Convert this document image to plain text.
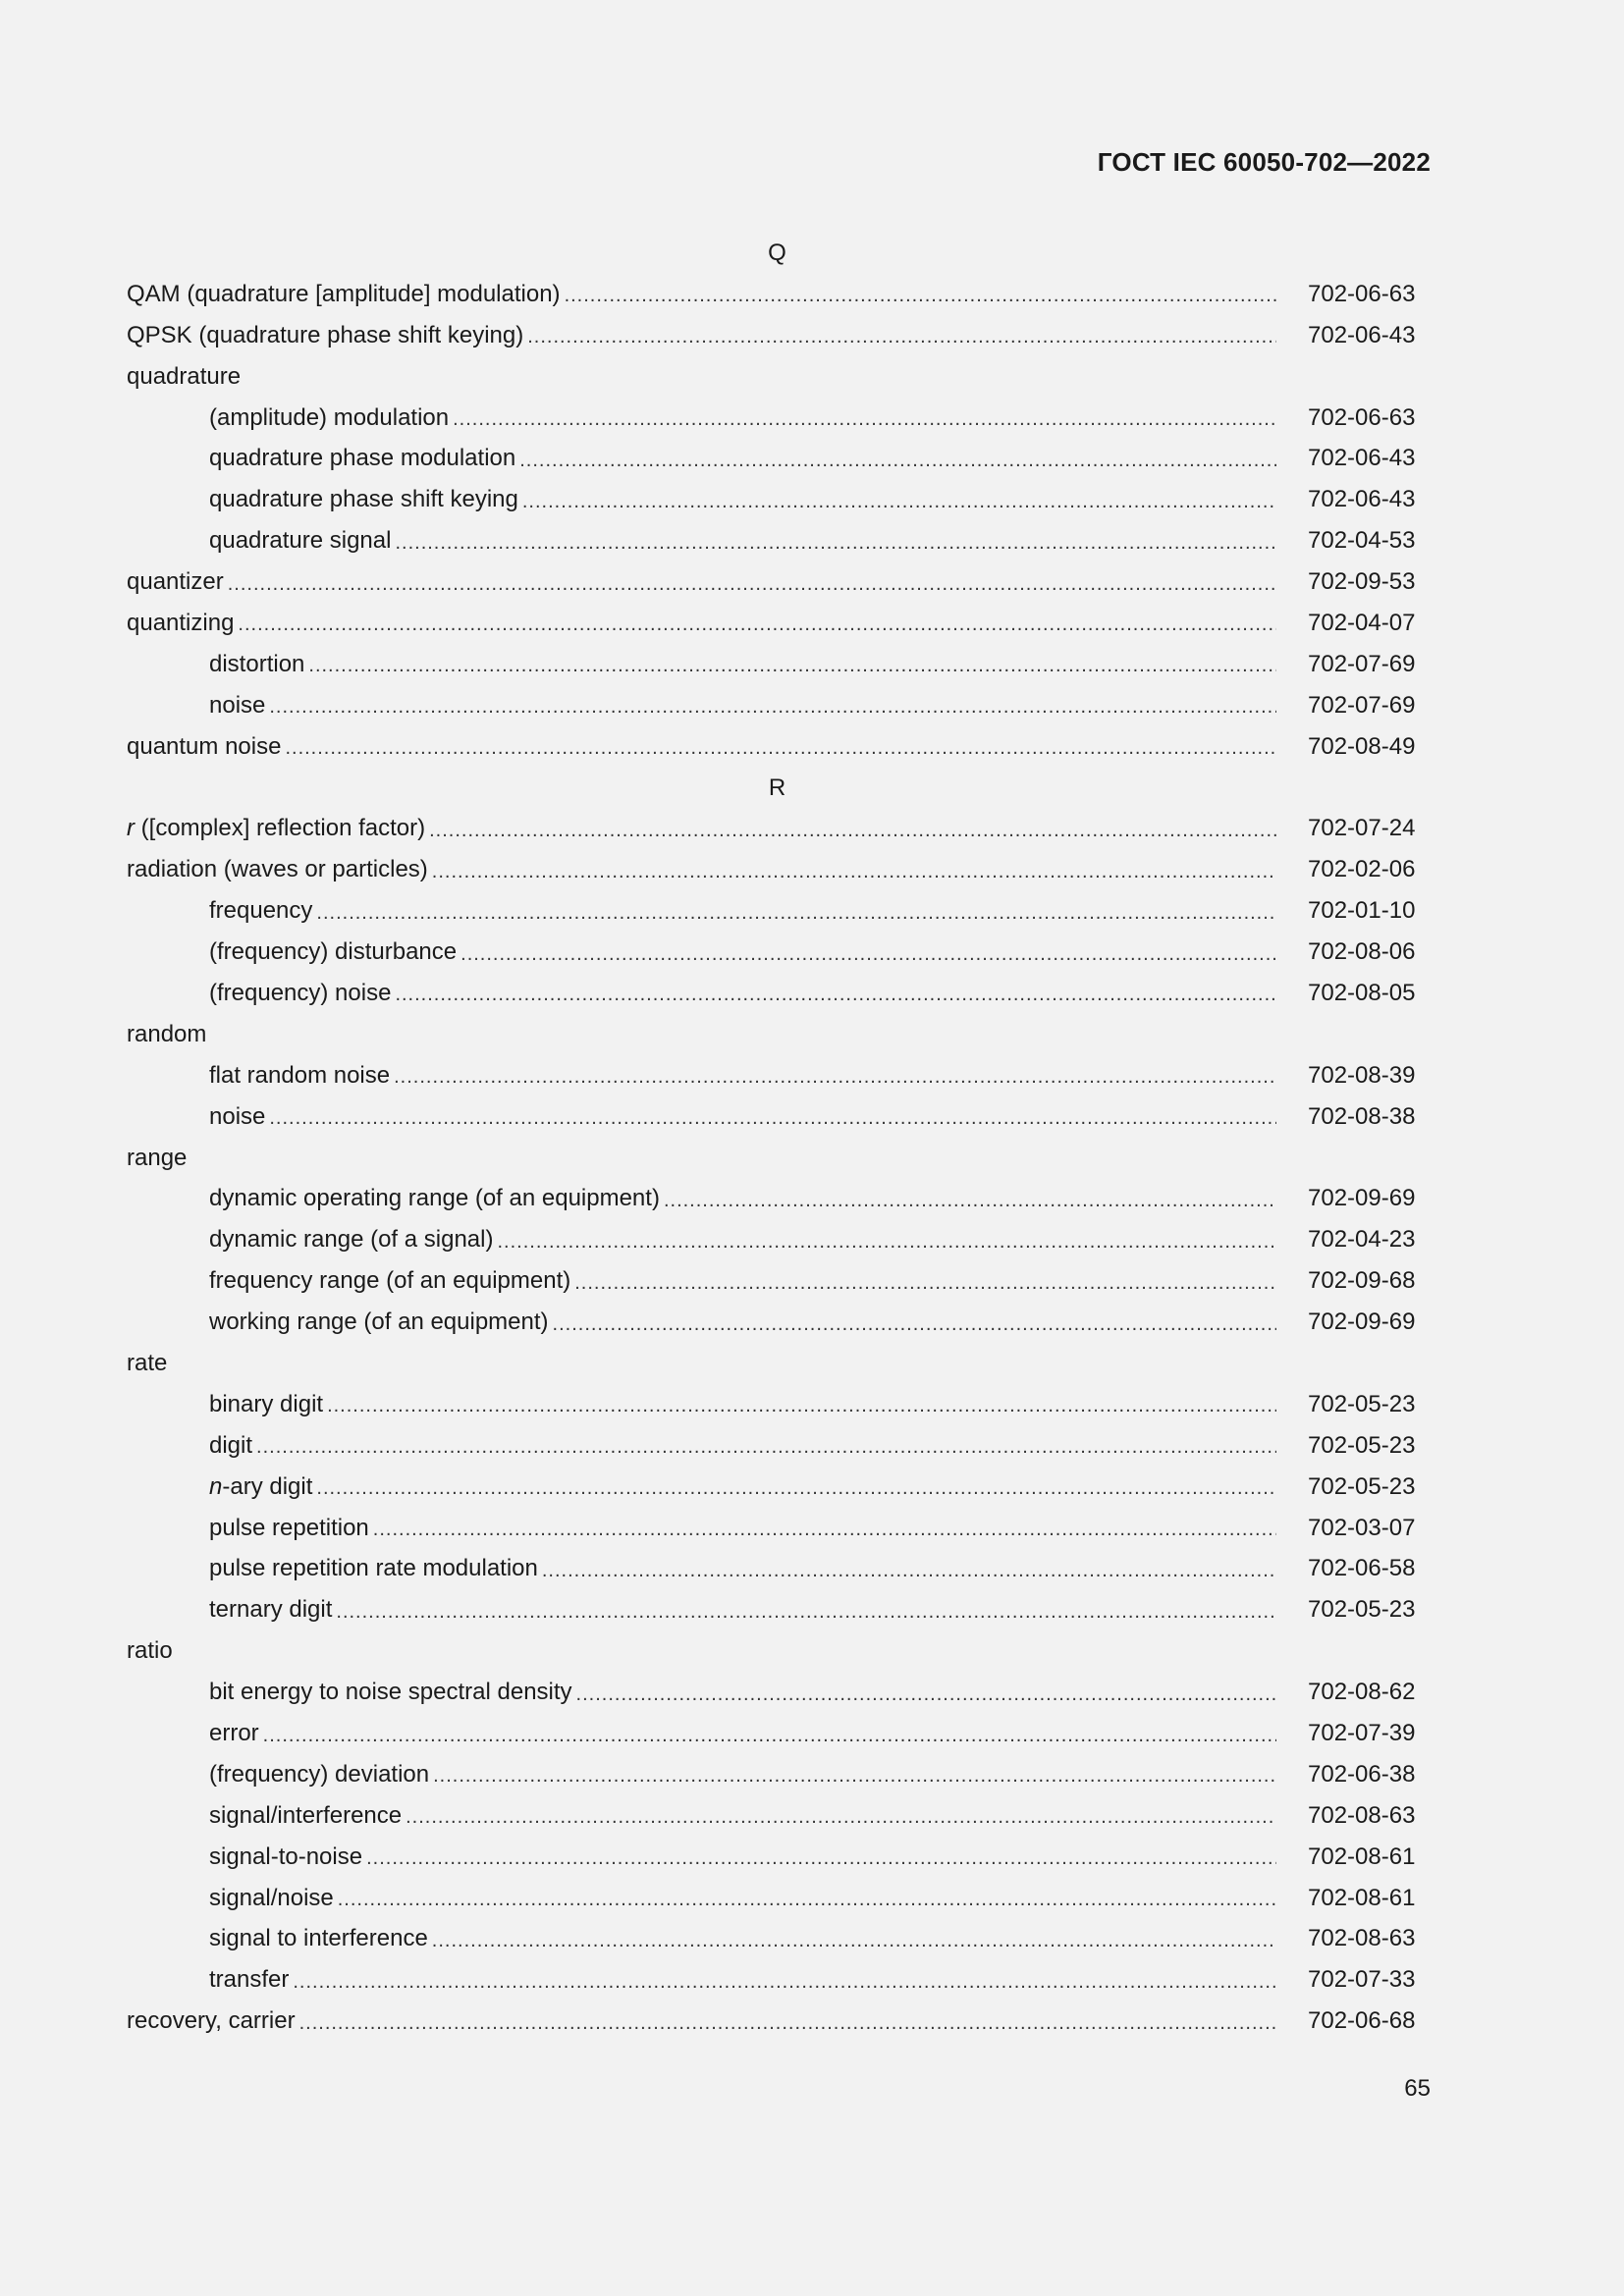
ГОСТ IEC 60050-702—2022
Q
QAM (quadrature [amplitude] modulation) .....	702-06-63
QPSK (quadrature phase shift keying) .....	702-06-43
quadrature
(amplitude) modulation .....	702-06-63
quadrature phase modulation .....	702-06-43
quadrature phase shift keying .....	702-06-43
quadrature signal .....	702-04-53
quantizer .....	702-09-53
quantizing .....	702-04-07
distortion .....	702-07-69
noise .....	702-07-69
quantum noise .....	702-08-49
R
r ([complex] reflection factor) .....	702-07-24
radiation (waves or particles) .....	702-02-06
frequency .....	702-01-10
(frequency) disturbance .....	702-08-06
(frequency) noise .....	702-08-05
random
flat random noise .....	702-08-39
noise .....	702-08-38
range
dynamic operating range (of an equipment) .....	702-09-69
dynamic range (of a signal) .....	702-04-23
frequency range (of an equipment) .....	702-09-68
working range (of an equipment) .....	702-09-69
rate
binary digit .....	702-05-23
digit .....	702-05-23
n-ary digit .....	702-05-23
pulse repetition .....	702-03-07
pulse repetition rate modulation .....	702-06-58
ternary digit .....	702-05-23
ratio
bit energy to noise spectral density .....	702-08-62
error .....	702-07-39
(frequency) deviation .....	702-06-38
signal/interference .....	702-08-63
signal-to-noise .....	702-08-61
signal/noise .....	702-08-61
signal to interference .....	702-08-63
transfer .....	702-07-33
recovery, carrier .....	702-06-68
65
